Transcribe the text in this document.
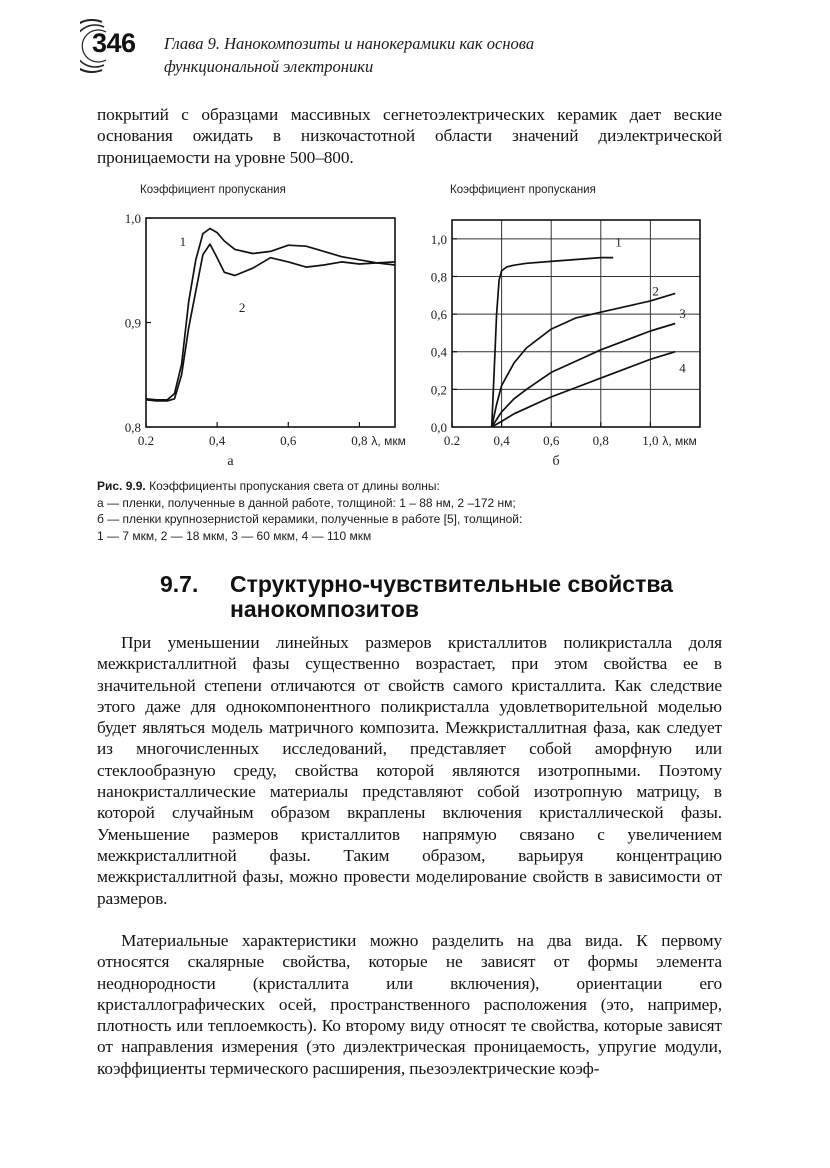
346 Глава 9. Нанокомпозиты и нанокерамики как основа
функциональной электроники

покрытий с образцами массивных сегнетоэлектрических керамик дает веские основания ожидать в низкочастотной области значений диэлектрической проницаемости на уровне 500–800.

Коэффициент пропускания	Коэффициент пропускания
0.2	0,4	0,6	0,8
0,8
0,9
1,0
λ, мкм
а
1
2
0.2	0,4	0,6	0,8	1,0
0,0
0,2
0,4
0,6
0,8
1,0
λ, мкм
б
1
2
3
4
Рис. 9.9. Коэффициенты пропускания света от длины волны:
а — пленки, полученные в данной работе, толщиной: 1 – 88 нм, 2 –172 нм;
б — пленки крупнозернистой керамики, полученные в работе [5], толщиной:
1 — 7 мкм, 2 — 18 мкм, 3 — 60 мкм, 4 — 110 мкм
9.7. Структурно-чувствительные свойства
нанокомпозитов

При уменьшении линейных размеров кристаллитов поликристалла доля межкристаллитной фазы существенно возрастает, при этом свойства ее в значительной степени отличаются от свойств самого кристаллита. Как следствие этого даже для однокомпонентного поликристалла удовлетворительной моделью будет являться модель матричного композита. Межкристаллитная фаза, как следует из многочисленных исследований, представляет собой аморфную или стеклообразную среду, свойства которой являются изотропными. Поэтому нанокристаллические материалы представляют собой изотропную матрицу, в которой случайным образом вкраплены включения кристаллической фазы. Уменьшение размеров кристаллитов напрямую связано с увеличением межкристаллитной фазы. Таким образом, варьируя концентрацию межкристаллитной фазы, можно провести моделирование свойств в зависимости от размеров.

Материальные характеристики можно разделить на два вида. К первому относятся скалярные свойства, которые не зависят от формы элемента неоднородности (кристаллита или включения), ориентации его кристаллографических осей, пространственного расположения (это, например, плотность или теплоемкость). Ко второму виду относят те свойства, которые зависят от направления измерения (это диэлектрическая проницаемость, упругие модули, коэффициенты термического расширения, пьезоэлектрические коэф-
